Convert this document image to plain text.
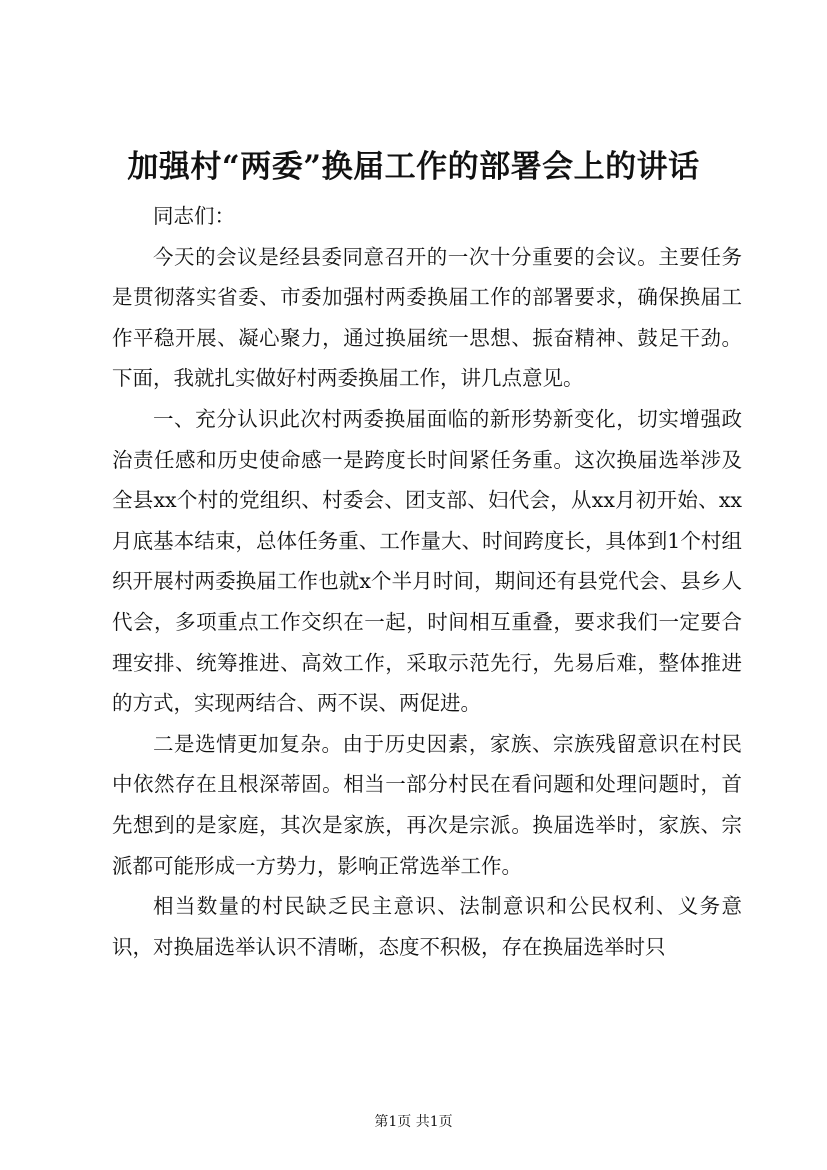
加强村“两委”换届工作的部署会上的讲话

同志们：

今天的会议是经县委同意召开的一次十分重要的会议。主要任务是贯彻落实省委、市委加强村两委换届工作的部署要求，确保换届工作平稳开展、凝心聚力，通过换届统一思想、振奋精神、鼓足干劲。下面，我就扎实做好村两委换届工作，讲几点意见。

一、充分认识此次村两委换届面临的新形势新变化，切实增强政治责任感和历史使命感一是跨度长时间紧任务重。这次换届选举涉及全县xx个村的党组织、村委会、团支部、妇代会，从xx月初开始、xx月底基本结束，总体任务重、工作量大、时间跨度长，具体到1个村组织开展村两委换届工作也就x个半月时间，期间还有县党代会、县乡人代会，多项重点工作交织在一起，时间相互重叠，要求我们一定要合理安排、统筹推进、高效工作，采取示范先行，先易后难，整体推进的方式，实现两结合、两不误、两促进。

二是选情更加复杂。由于历史因素，家族、宗族残留意识在村民中依然存在且根深蒂固。相当一部分村民在看问题和处理问题时，首先想到的是家庭，其次是家族，再次是宗派。换届选举时，家族、宗派都可能形成一方势力，影响正常选举工作。

相当数量的村民缺乏民主意识、法制意识和公民权利、义务意识，对换届选举认识不清晰，态度不积极，存在换届选举时只

第1页 共1页
